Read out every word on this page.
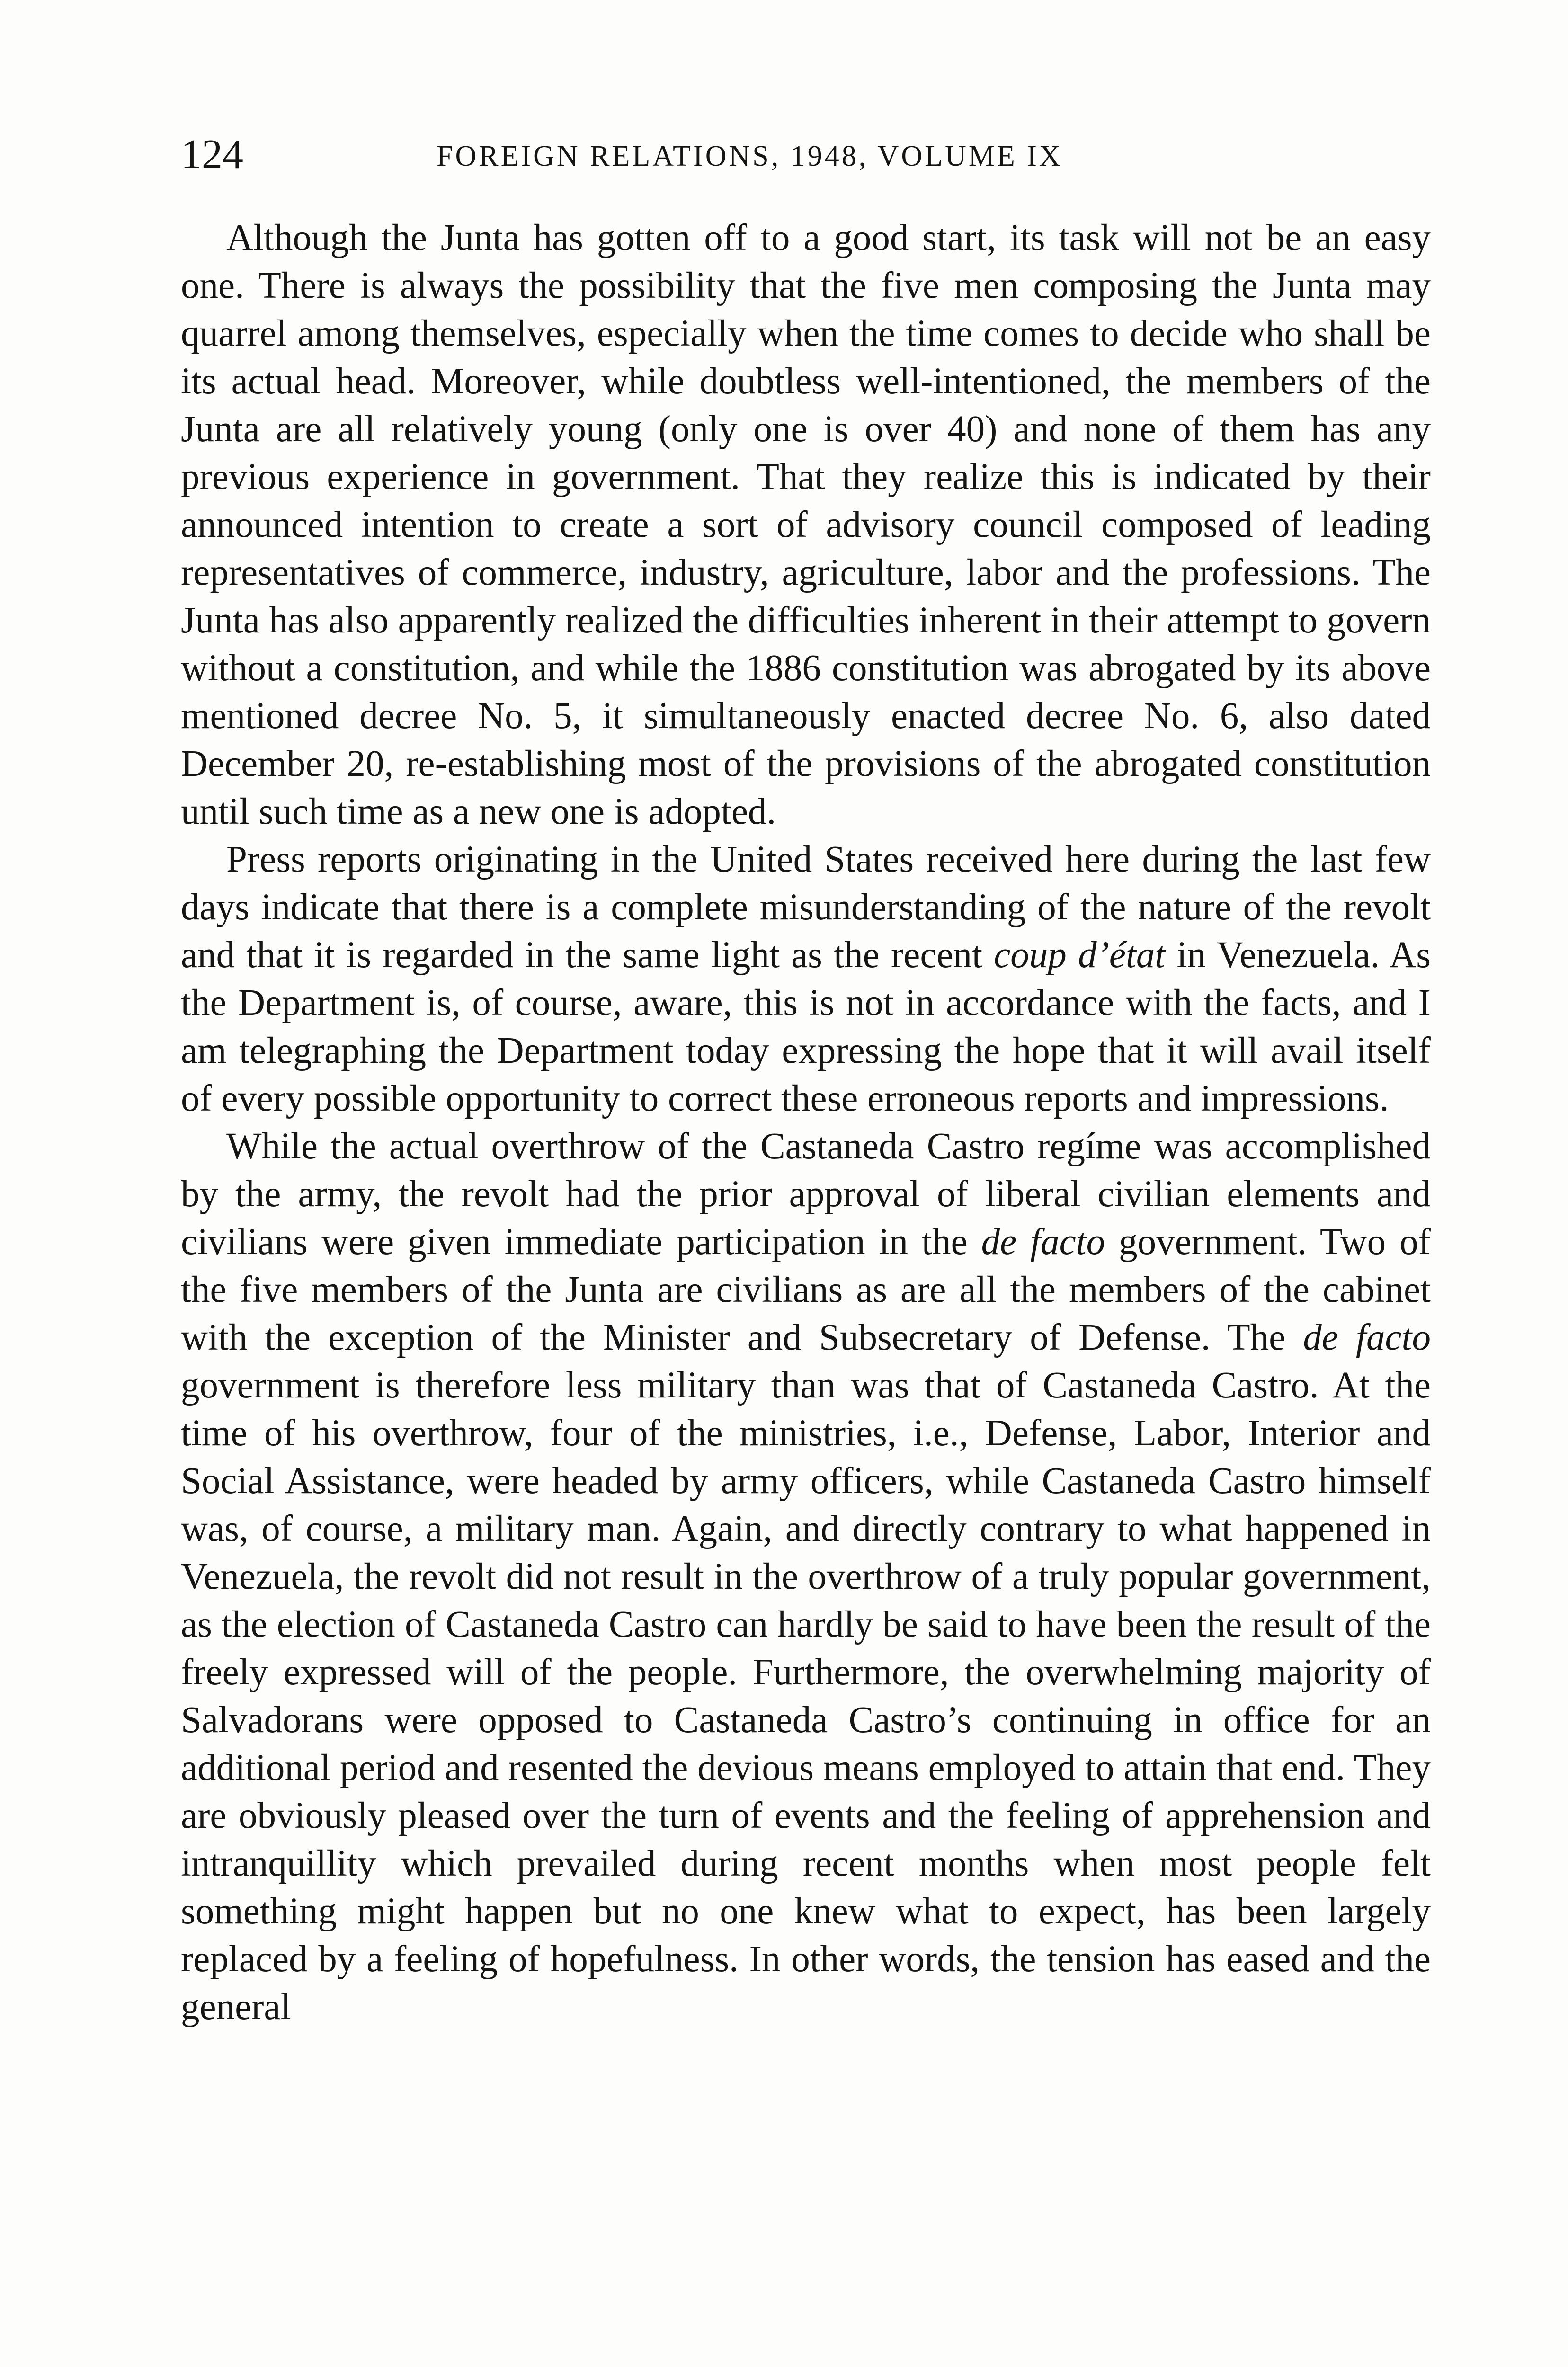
124	FOREIGN RELATIONS, 1948, VOLUME IX

Although the Junta has gotten off to a good start, its task will not be an easy one. There is always the possibility that the five men composing the Junta may quarrel among themselves, especially when the time comes to decide who shall be its actual head. Moreover, while doubtless well-intentioned, the members of the Junta are all relatively young (only one is over 40) and none of them has any previous experience in government. That they realize this is indicated by their announced intention to create a sort of advisory council composed of leading representatives of commerce, industry, agriculture, labor and the professions. The Junta has also apparently realized the difficulties inherent in their attempt to govern without a constitution, and while the 1886 constitution was abrogated by its above mentioned decree No. 5, it simultaneously enacted decree No. 6, also dated December 20, re-establishing most of the provisions of the abrogated constitution until such time as a new one is adopted.

Press reports originating in the United States received here during the last few days indicate that there is a complete misunderstanding of the nature of the revolt and that it is regarded in the same light as the recent coup d’état in Venezuela. As the Department is, of course, aware, this is not in accordance with the facts, and I am telegraphing the Department today expressing the hope that it will avail itself of every possible opportunity to correct these erroneous reports and impressions.

While the actual overthrow of the Castaneda Castro regíme was accomplished by the army, the revolt had the prior approval of liberal civilian elements and civilians were given immediate participation in the de facto government. Two of the five members of the Junta are civilians as are all the members of the cabinet with the exception of the Minister and Subsecretary of Defense. The de facto government is therefore less military than was that of Castaneda Castro. At the time of his overthrow, four of the ministries, i.e., Defense, Labor, Interior and Social Assistance, were headed by army officers, while Castaneda Castro himself was, of course, a military man. Again, and directly contrary to what happened in Venezuela, the revolt did not result in the overthrow of a truly popular government, as the election of Castaneda Castro can hardly be said to have been the result of the freely expressed will of the people. Furthermore, the overwhelming majority of Salvadorans were opposed to Castaneda Castro’s continuing in office for an additional period and resented the devious means employed to attain that end. They are obviously pleased over the turn of events and the feeling of apprehension and intranquillity which prevailed during recent months when most people felt something might happen but no one knew what to expect, has been largely replaced by a feeling of hopefulness. In other words, the tension has eased and the general
